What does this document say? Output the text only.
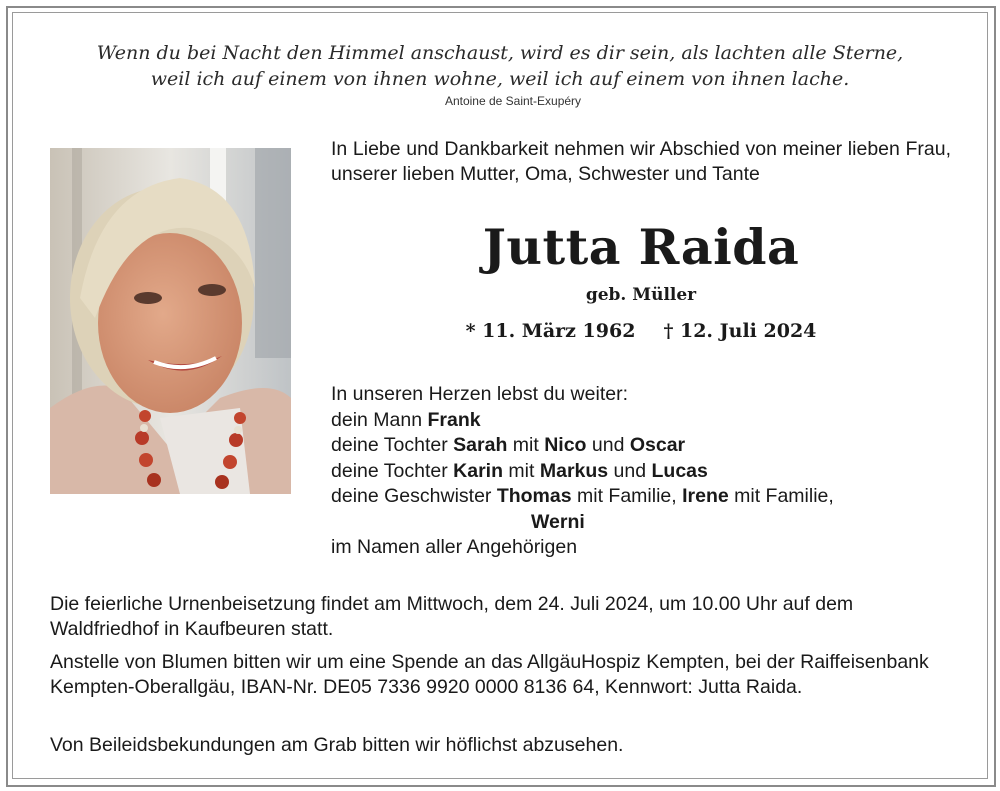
Wenn du bei Nacht den Himmel anschaust, wird es dir sein, als lachten alle Sterne,
weil ich auf einem von ihnen wohne, weil ich auf einem von ihnen lache.
Antoine de Saint-Exupéry
In Liebe und Dankbarkeit nehmen wir Abschied von meiner lieben Frau, unserer lieben Mutter, Oma, Schwester und Tante
Jutta Raida
geb. Müller
* 11. März 1962 † 12. Juli 2024
In unseren Herzen lebst du weiter:
dein Mann Frank
deine Tochter Sarah mit Nico und Oscar
deine Tochter Karin mit Markus und Lucas
deine Geschwister Thomas mit Familie, Irene mit Familie,
Werni
im Namen aller Angehörigen
Die feierliche Urnenbeisetzung findet am Mittwoch, dem 24. Juli 2024, um 10.00 Uhr auf dem Waldfriedhof in Kaufbeuren statt.
Anstelle von Blumen bitten wir um eine Spende an das AllgäuHospiz Kempten, bei der Raiffeisenbank Kempten-Oberallgäu, IBAN-Nr. DE05 7336 9920 0000 8136 64, Kennwort: Jutta Raida.
Von Beileidsbekundungen am Grab bitten wir höflichst abzusehen.
